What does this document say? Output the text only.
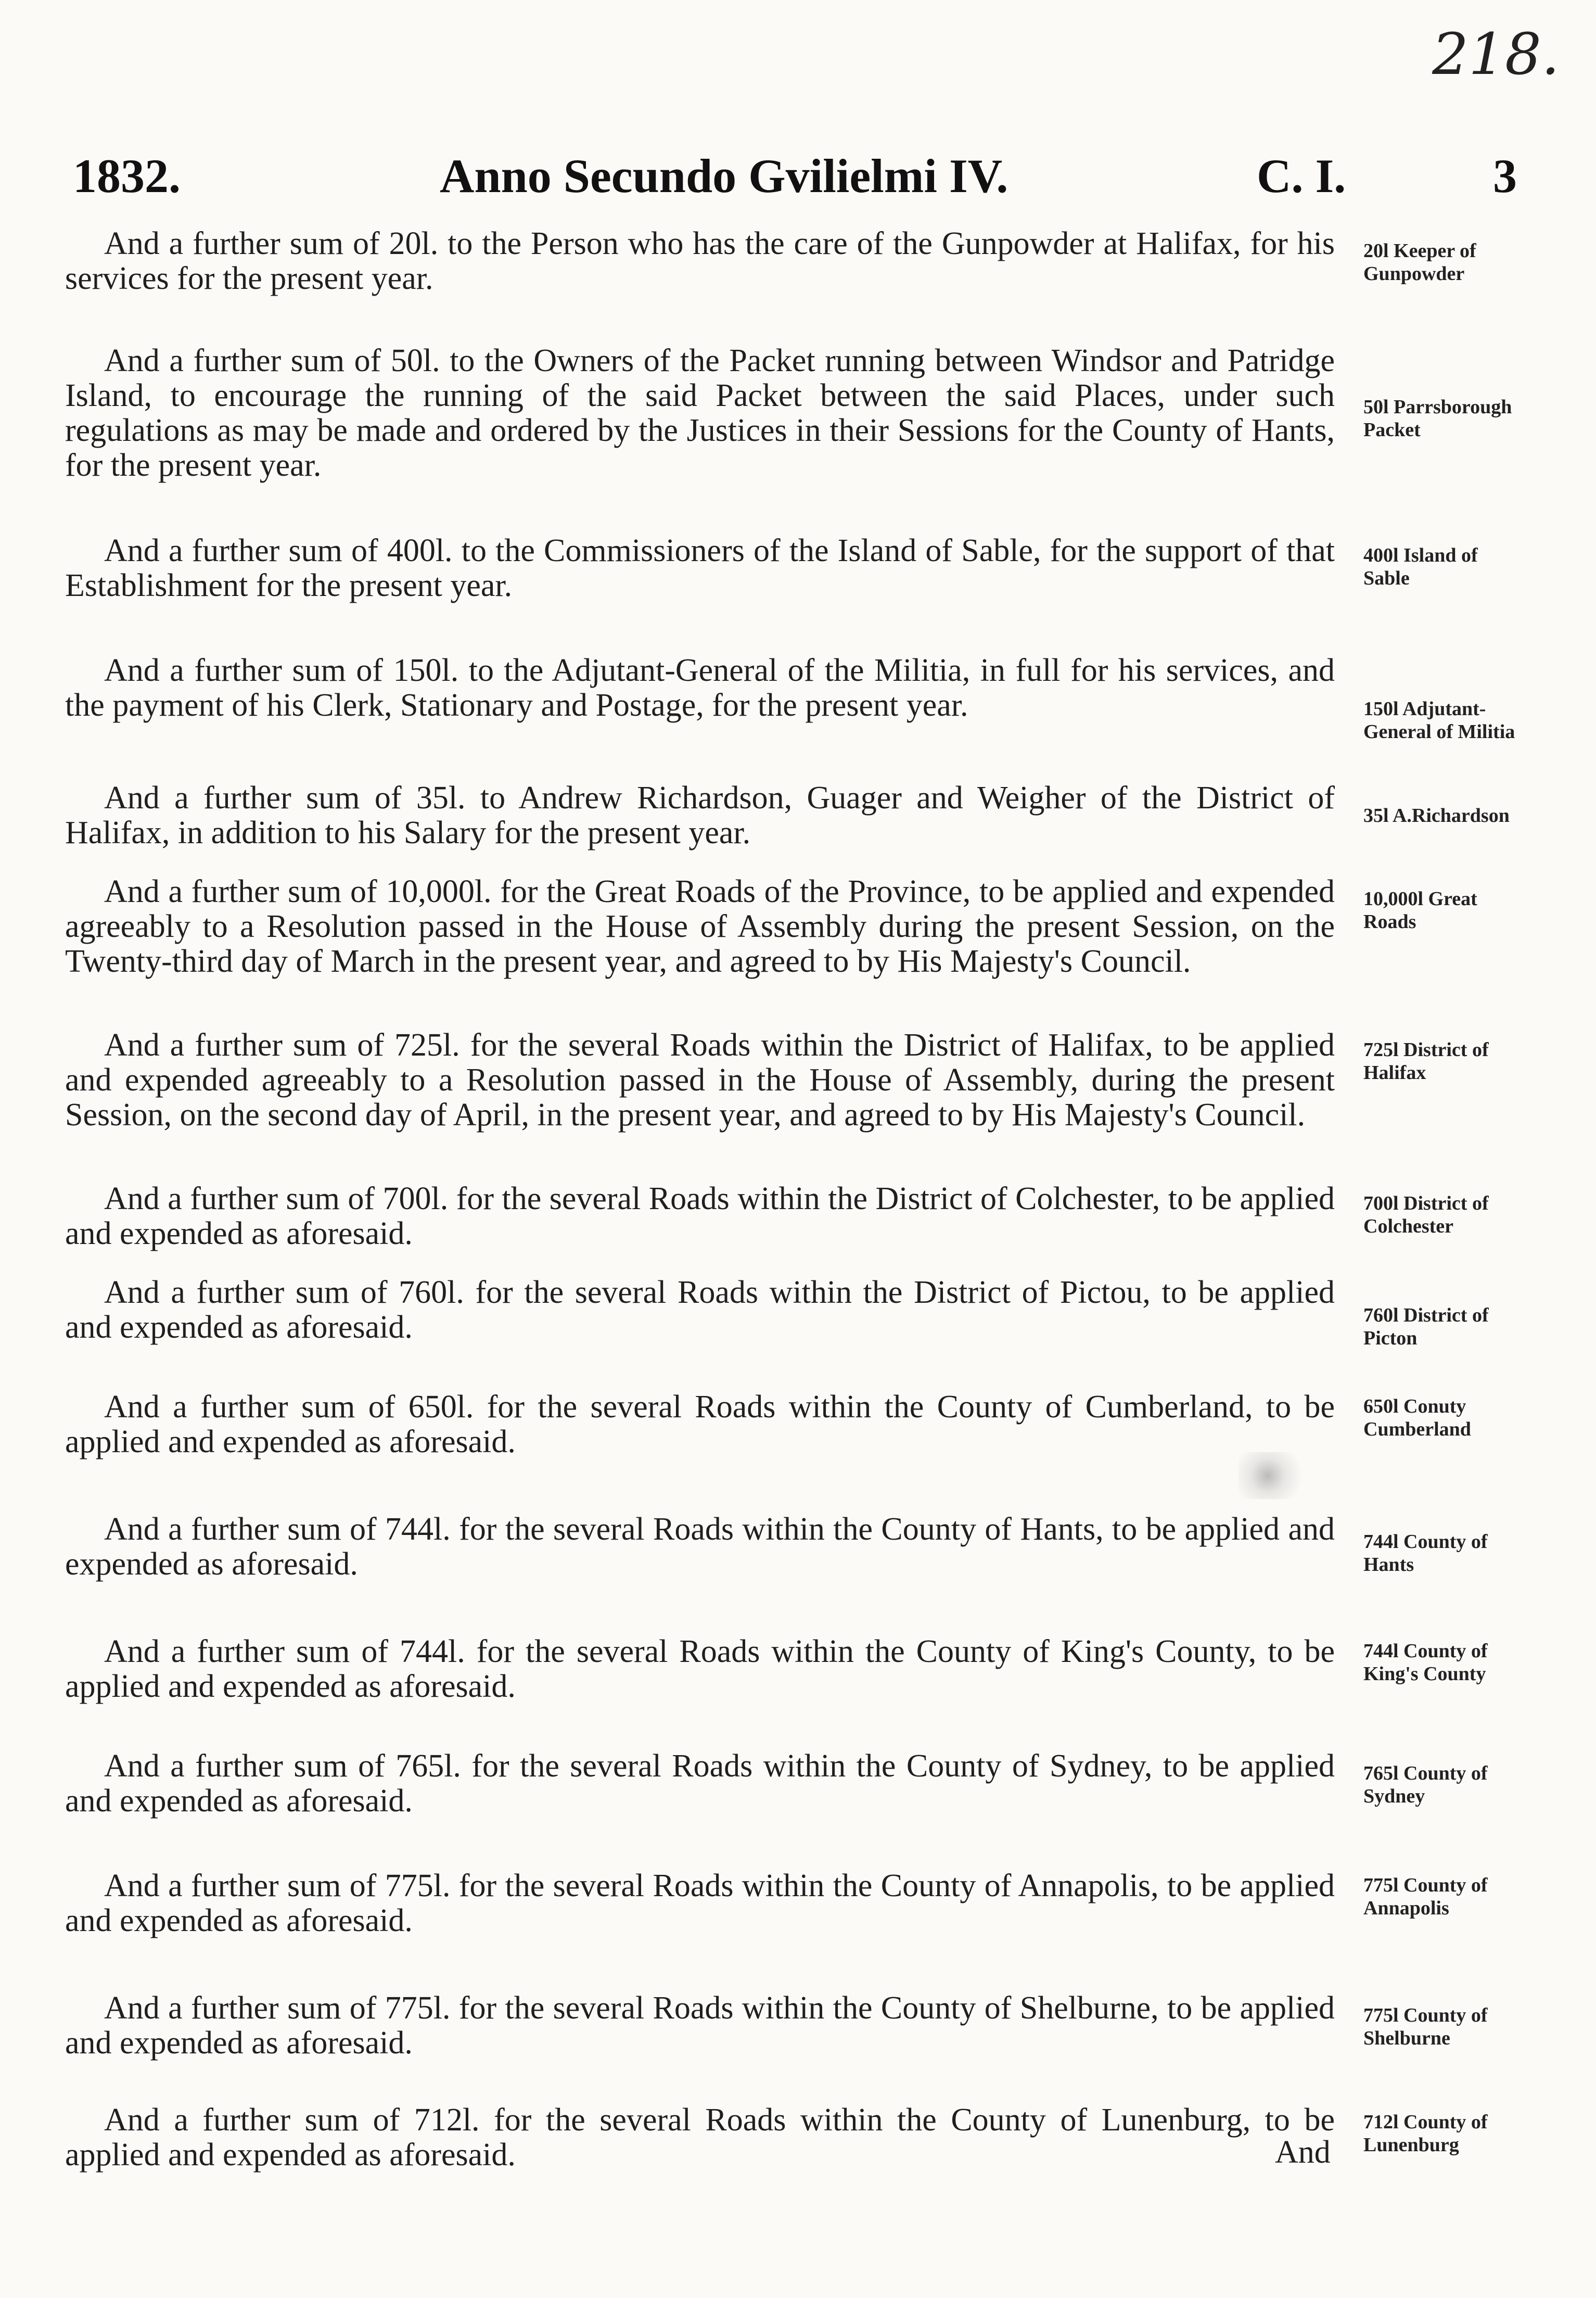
218.
1832.	Anno Secundo Gvilielmi IV.	C. I.	3
And a further sum of 20l. to the Person who has the care of the Gunpowder at Halifax, for his services for the present year.
20l Keeper of Gunpowder
And a further sum of 50l. to the Owners of the Packet running between Windsor and Patridge Island, to encourage the running of the said Packet between the said Places, under such regulations as may be made and ordered by the Justices in their Sessions for the County of Hants, for the present year.
50l Parrsborough Packet
And a further sum of 400l. to the Commissioners of the Island of Sable, for the support of that Establishment for the present year.
400l Island of Sable
And a further sum of 150l. to the Adjutant-General of the Militia, in full for his services, and the payment of his Clerk, Stationary and Postage, for the present year.	150l Adjutant-General of Militia
And a further sum of 35l. to Andrew Richardson, Guager and Weigher of the District of Halifax, in addition to his Salary for the present year.	35l A.Richardson
And a further sum of 10,000l. for the Great Roads of the Province, to be applied and expended agreeably to a Resolution passed in the House of Assembly during the present Session, on the Twenty-third day of March in the present year, and agreed to by His Majesty's Council.
10,000l Great Roads
And a further sum of 725l. for the several Roads within the District of Halifax, to be applied and expended agreeably to a Resolution passed in the House of Assembly, during the present Session, on the second day of April, in the present year, and agreed to by His Majesty's Council.
725l District of Halifax
And a further sum of 700l. for the several Roads within the District of Colchester, to be applied and expended as aforesaid.
700l District of Colchester
And a further sum of 760l. for the several Roads within the District of Pictou, to be applied and expended as aforesaid.	760l District of Picton
And a further sum of 650l. for the several Roads within the County of Cumberland, to be applied and expended as aforesaid.
650l Conuty Cumberland
And a further sum of 744l. for the several Roads within the County of Hants, to be applied and expended as aforesaid.
744l County of Hants
And a further sum of 744l. for the several Roads within the County of King's County, to be applied and expended as aforesaid.
744l County of King's County
And a further sum of 765l. for the several Roads within the County of Sydney, to be applied and expended as aforesaid.
765l County of Sydney
And a further sum of 775l. for the several Roads within the County of Annapolis, to be applied and expended as aforesaid.
775l County of Annapolis
And a further sum of 775l. for the several Roads within the County of Shelburne, to be applied and expended as aforesaid.
775l County of Shelburne
And a further sum of 712l. for the several Roads within the County of Lunenburg, to be applied and expended as aforesaid.
712l County of Lunenburg
And
